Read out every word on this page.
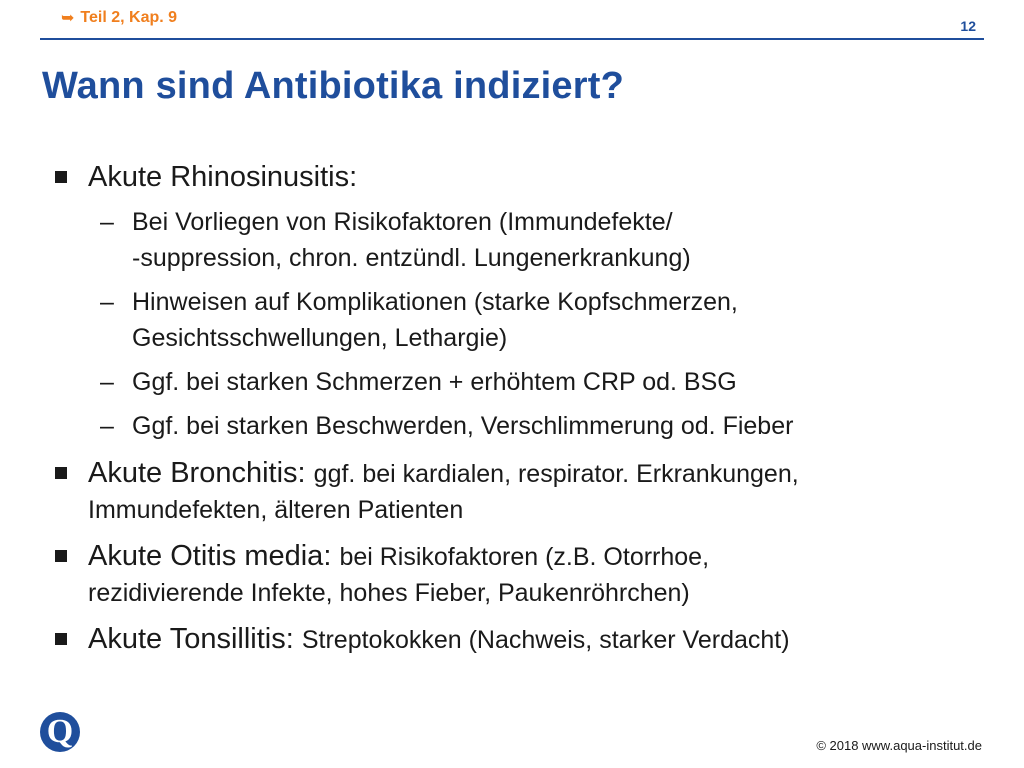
➥ Teil 2, Kap. 9	12
Wann sind Antibiotika indiziert?
Akute Rhinosinusitis:
– Bei Vorliegen von Risikofaktoren (Immundefekte/
-suppression, chron. entzündl. Lungenerkrankung)
– Hinweisen auf Komplikationen (starke Kopfschmerzen,
Gesichtsschwellungen, Lethargie)
– Ggf. bei starken Schmerzen + erhöhtem CRP od. BSG
– Ggf. bei starken Beschwerden, Verschlimmerung od. Fieber
Akute Bronchitis: ggf. bei kardialen, respirator. Erkrankungen,
Immundefekten, älteren Patienten
Akute Otitis media: bei Risikofaktoren (z.B. Otorrhoe,
rezidivierende Infekte, hohes Fieber, Paukenröhrchen)
Akute Tonsillitis: Streptokokken (Nachweis, starker Verdacht)
Q	© 2018 www.aqua-institut.de
